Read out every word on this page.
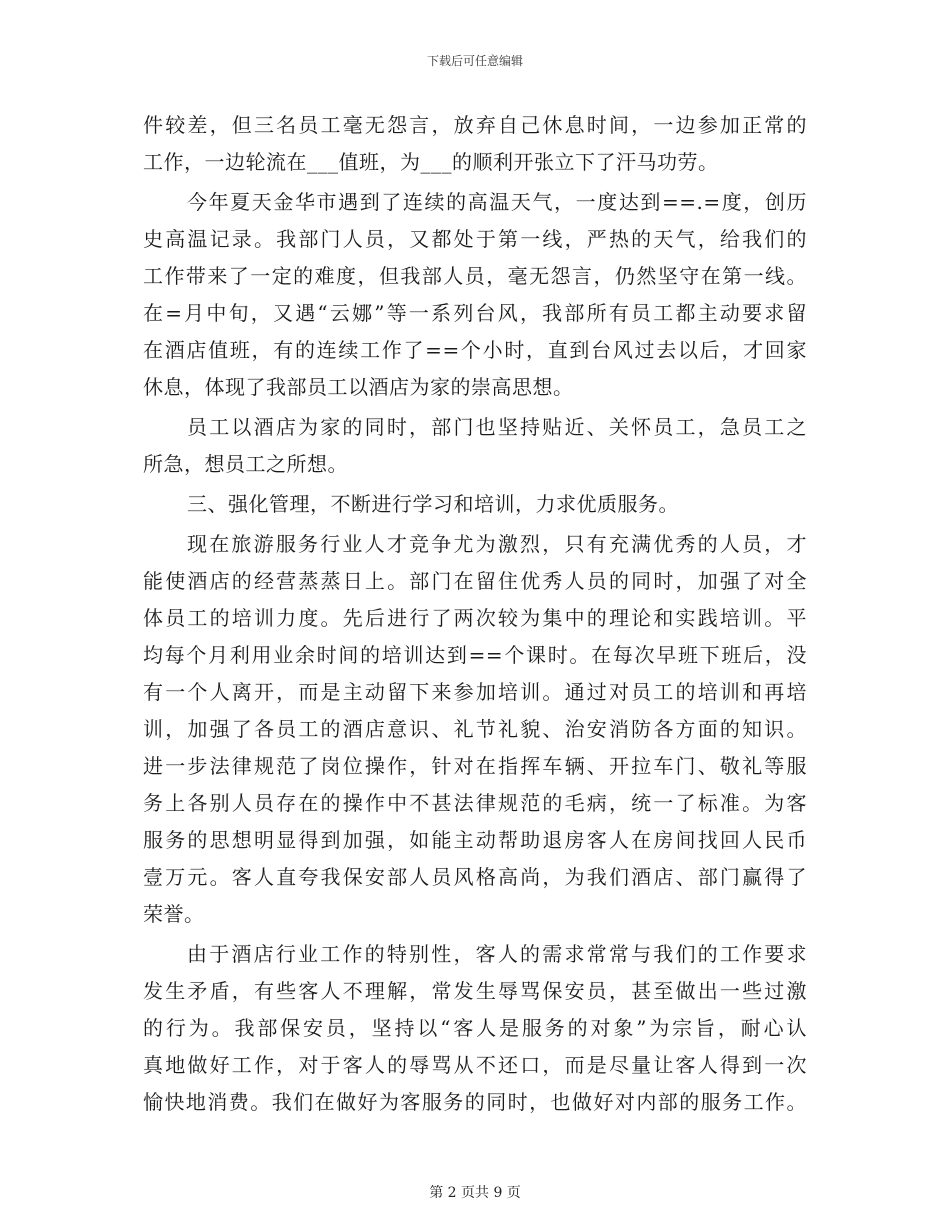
下载后可任意编辑
件较差，但三名员工毫无怨言，放弃自己休息时间，一边参加正常的
工作，一边轮流在___值班，为___的顺利开张立下了汗马功劳。
今年夏天金华市遇到了连续的高温天气，一度达到==.=度，创历
史高温记录。我部门人员，又都处于第一线，严热的天气，给我们的
工作带来了一定的难度，但我部人员，毫无怨言，仍然坚守在第一线。
在=月中旬，又遇“云娜”等一系列台风，我部所有员工都主动要求留
在酒店值班，有的连续工作了==个小时，直到台风过去以后，才回家
休息，体现了我部员工以酒店为家的崇高思想。
员工以酒店为家的同时，部门也坚持贴近、关怀员工，急员工之
所急，想员工之所想。
三、强化管理，不断进行学习和培训，力求优质服务。
现在旅游服务行业人才竞争尤为激烈，只有充满优秀的人员，才
能使酒店的经营蒸蒸日上。部门在留住优秀人员的同时，加强了对全
体员工的培训力度。先后进行了两次较为集中的理论和实践培训。平
均每个月利用业余时间的培训达到==个课时。在每次早班下班后，没
有一个人离开，而是主动留下来参加培训。通过对员工的培训和再培
训，加强了各员工的酒店意识、礼节礼貌、治安消防各方面的知识。
进一步法律规范了岗位操作，针对在指挥车辆、开拉车门、敬礼等服
务上各别人员存在的操作中不甚法律规范的毛病，统一了标准。为客
服务的思想明显得到加强，如能主动帮助退房客人在房间找回人民币
壹万元。客人直夸我保安部人员风格高尚，为我们酒店、部门赢得了
荣誉。
由于酒店行业工作的特别性，客人的需求常常与我们的工作要求
发生矛盾，有些客人不理解，常发生辱骂保安员，甚至做出一些过激
的行为。我部保安员，坚持以“客人是服务的对象”为宗旨，耐心认
真地做好工作，对于客人的辱骂从不还口，而是尽量让客人得到一次
愉快地消费。我们在做好为客服务的同时，也做好对内部的服务工作。
第 2 页共 9 页
